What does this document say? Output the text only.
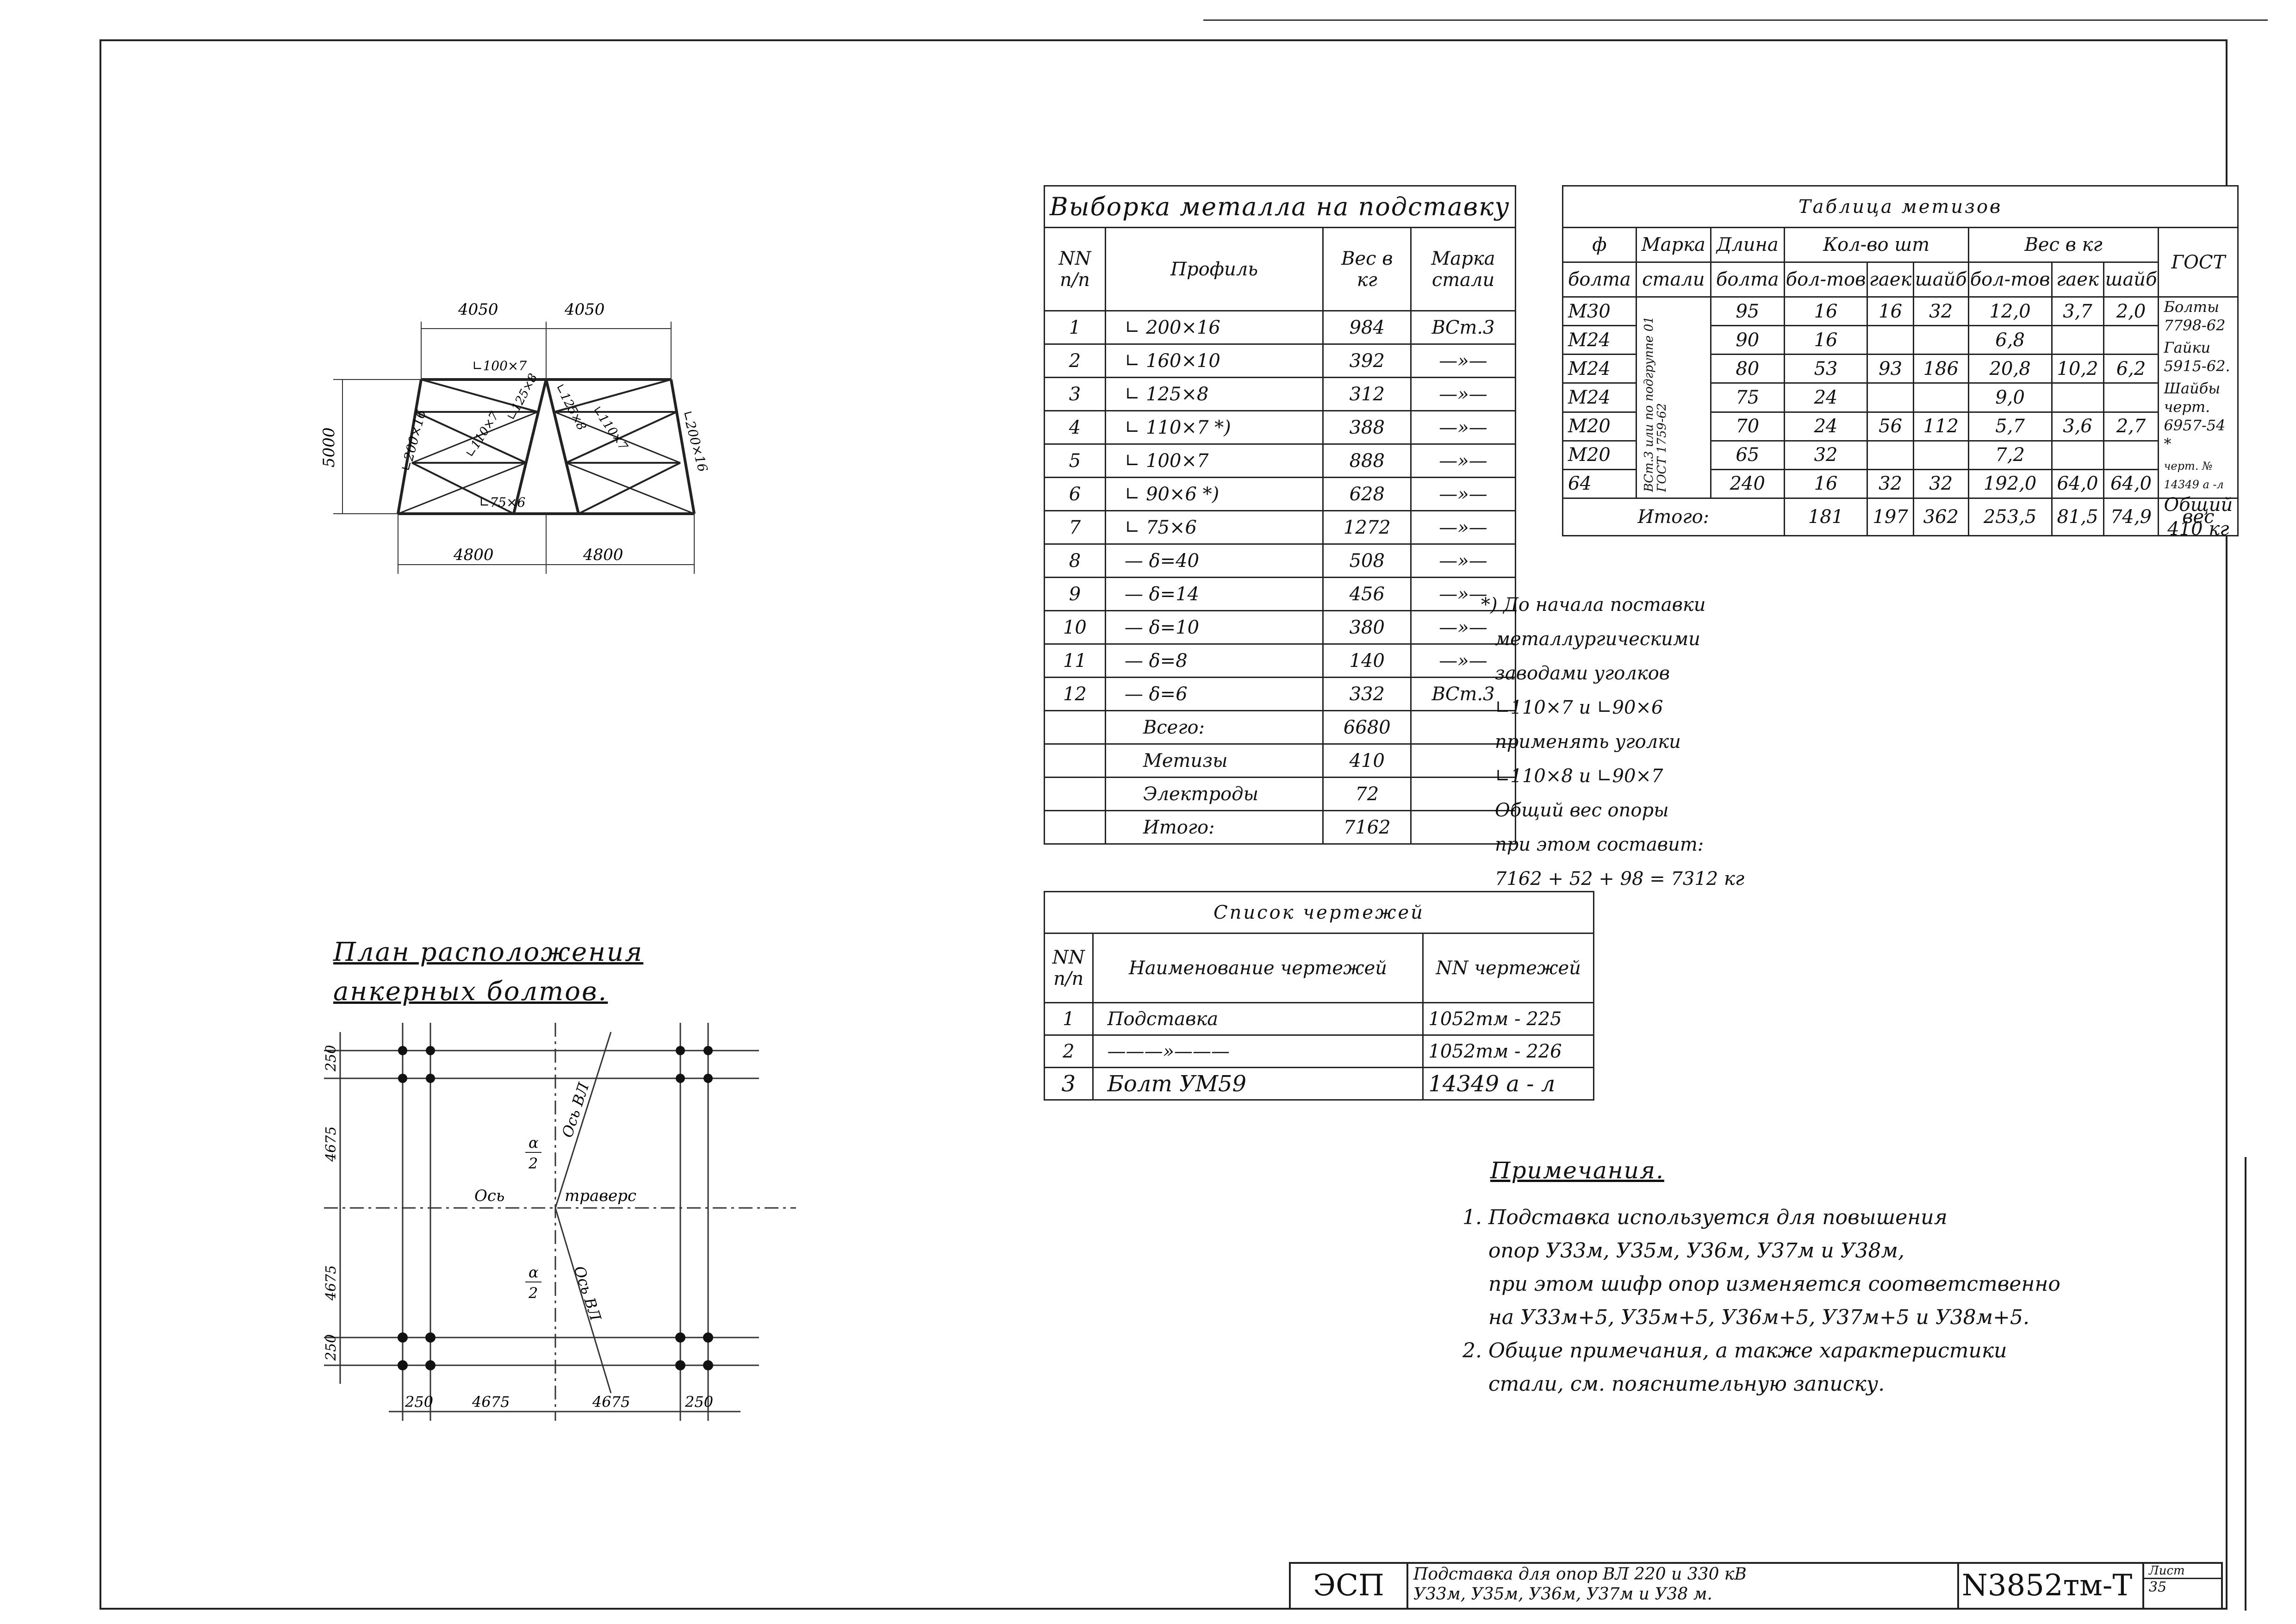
4050	4050
4800	4800
5000
∟100×7
∟200×16	∟200×16
∟110×7
∟125×8 ∟125×8 ∟110×7
∟75×6
Выборка металла на подставку			
NN п/п	Профиль	Вес в кг	Марка стали
1	∟ 200×16	984	ВСт.3
2	∟ 160×10	392	—»—
3	∟ 125×8	312	—»—
4	∟ 110×7 *)	388	—»—
5	∟ 100×7	888	—»—
6	∟ 90×6 *)	628	—»—
7	∟ 75×6	1272	—»—
8	— δ=40	508	—»—
9	— δ=14	456	—»—
10	— δ=10	380	—»—
11	— δ=8	140	—»—
12	— δ=6	332	ВСт.3
	Всего:	6680	
	Метизы	410	
	Электроды	72	
	Итого:	7162	
Таблица метизов									
ф	Марка	Длина	Кол-во шт			Вес в кг			ГОСТ
болта	стали	болта	бол-тов	гаек	шайб	бол-тов	гаек	шайб	
М30	ВСт.3 или по подгруппе 01 ГОСТ 1759-62	95	16	16	32	12,0	3,7	2,0	Болты 7798-62
Гайки 5915-62.
Шайбы черт. 6957-54 *
черт. № 14349 а -л

М24		90	16			6,8			
М24		80	53	93	186	20,8	10,2	6,2	
М24		75	24			9,0			
М20		70	24	56	112	5,7	3,6	2,7	
М20		65	32			7,2			
64		240	16	32	32	192,0	64,0	64,0	
Итого:			181	197	362	253,5	81,5	74,9	Общий вес 410 кг
*) До начала поставки
металлургическими
заводами уголков
∟110×7 и ∟90×6
применять уголки
∟110×8 и ∟90×7
Общий вес опоры
при этом составит:
7162 + 52 + 98 = 7312 кг
Список чертежей		
NN п/п	Наименование чертежей	NN чертежей
1	Подставка	1052тм - 225
2	———»———	1052тм - 226
3	Болт УМ59	14349 а - л
План расположения
анкерных болтов.
250
4675
4675
250
250	4675	4675	250
Ось ВЛ
Ось ВЛ
Ось	траверс
α
2
α
2
Примечания.
1. Подставка используется для повышения
опор У33м, У35м, У36м, У37м и У38м,
при этом шифр опор изменяется соответственно
на У33м+5, У35м+5, У36м+5, У37м+5 и У38м+5.
2. Общие примечания, а также характеристики
стали, см. пояснительную записку.
ЭСП	Подставка для опор ВЛ 220 и 330 кВ
У33м, У35м, У36м, У37м и У38 м.	N3852тм-Т	Лист
35
